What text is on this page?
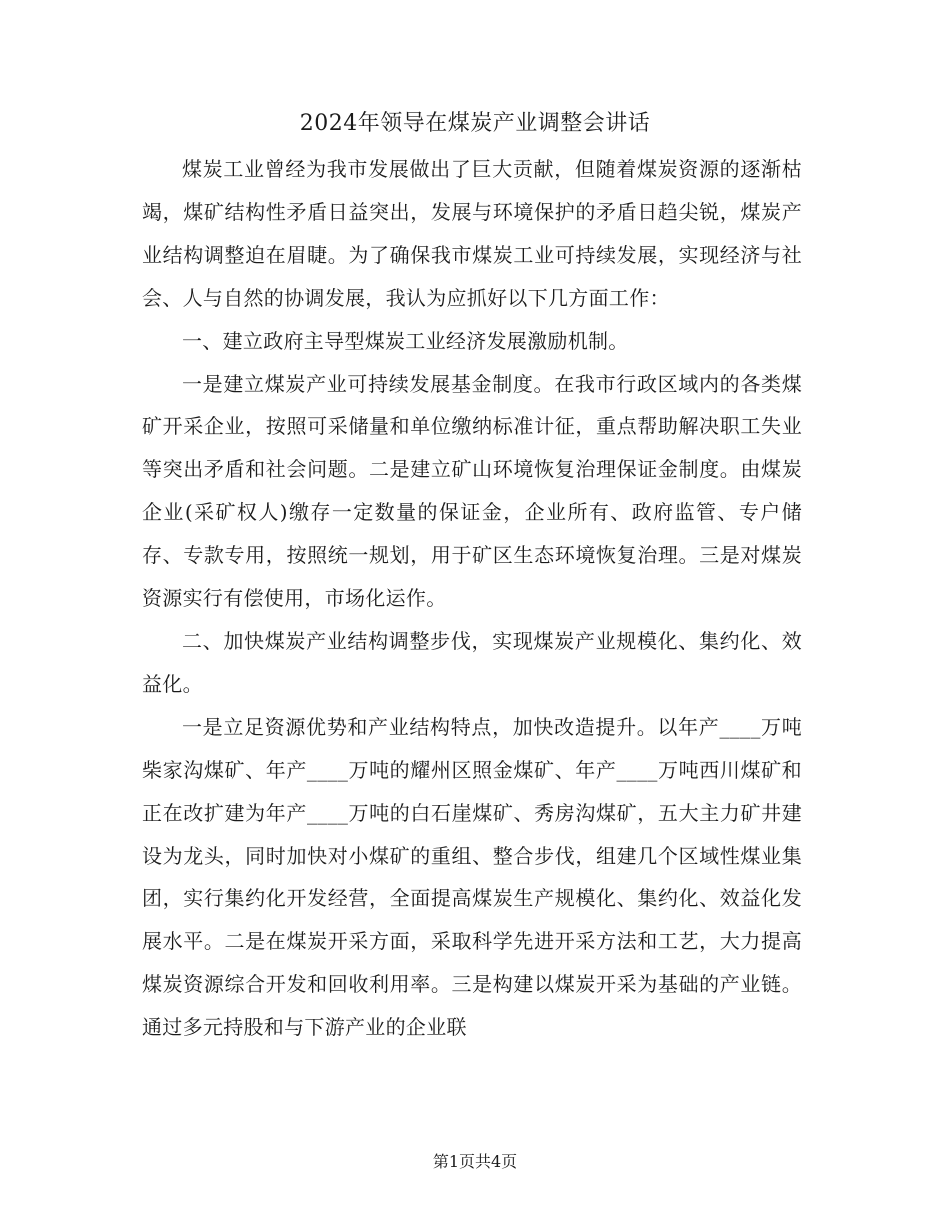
2024年领导在煤炭产业调整会讲话

煤炭工业曾经为我市发展做出了巨大贡献，但随着煤炭资源的逐渐枯竭，煤矿结构性矛盾日益突出，发展与环境保护的矛盾日趋尖锐，煤炭产业结构调整迫在眉睫。为了确保我市煤炭工业可持续发展，实现经济与社会、人与自然的协调发展，我认为应抓好以下几方面工作：

一、建立政府主导型煤炭工业经济发展激励机制。

一是建立煤炭产业可持续发展基金制度。在我市行政区域内的各类煤矿开采企业，按照可采储量和单位缴纳标准计征，重点帮助解决职工失业等突出矛盾和社会问题。二是建立矿山环境恢复治理保证金制度。由煤炭企业(采矿权人)缴存一定数量的保证金，企业所有、政府监管、专户储存、专款专用，按照统一规划，用于矿区生态环境恢复治理。三是对煤炭资源实行有偿使用，市场化运作。

二、加快煤炭产业结构调整步伐，实现煤炭产业规模化、集约化、效益化。

一是立足资源优势和产业结构特点，加快改造提升。以年产____万吨柴家沟煤矿、年产____万吨的耀州区照金煤矿、年产____万吨西川煤矿和正在改扩建为年产____万吨的白石崖煤矿、秀房沟煤矿，五大主力矿井建设为龙头，同时加快对小煤矿的重组、整合步伐，组建几个区域性煤业集团，实行集约化开发经营，全面提高煤炭生产规模化、集约化、效益化发展水平。二是在煤炭开采方面，采取科学先进开采方法和工艺，大力提高煤炭资源综合开发和回收利用率。三是构建以煤炭开采为基础的产业链。通过多元持股和与下游产业的企业联

第1页共4页
